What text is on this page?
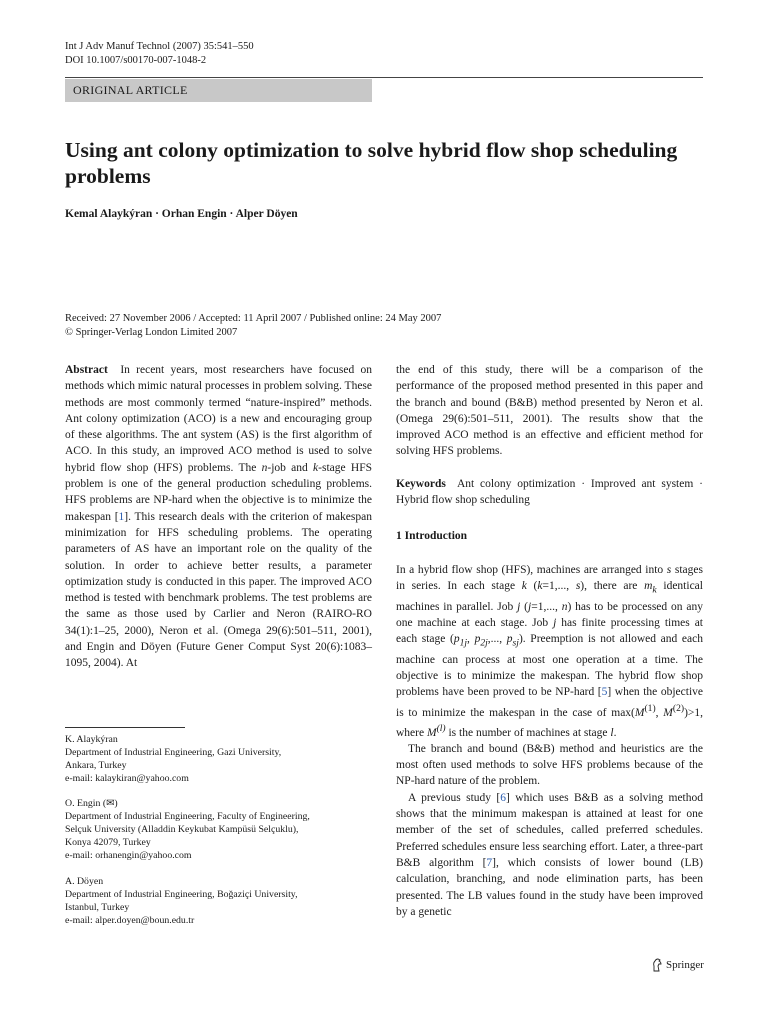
Int J Adv Manuf Technol (2007) 35:541–550
DOI 10.1007/s00170-007-1048-2
ORIGINAL ARTICLE
Using ant colony optimization to solve hybrid flow shop scheduling problems
Kemal Alaykýran · Orhan Engin · Alper Döyen
Received: 27 November 2006 / Accepted: 11 April 2007 / Published online: 24 May 2007
© Springer-Verlag London Limited 2007

Abstract In recent years, most researchers have focused on methods which mimic natural processes in problem solving. These methods are most commonly termed “nature-inspired” methods. Ant colony optimization (ACO) is a new and encouraging group of these algorithms. The ant system (AS) is the first algorithm of ACO. In this study, an improved ACO method is used to solve hybrid flow shop (HFS) problems. The n-job and k-stage HFS problem is one of the general production scheduling problems. HFS problems are NP-hard when the objective is to minimize the makespan [1]. This research deals with the criterion of makespan minimization for HFS scheduling problems. The operating parameters of AS have an important role on the quality of the solution. In order to achieve better results, a parameter optimization study is conducted in this paper. The improved ACO method is tested with benchmark problems. The test problems are the same as those used by Carlier and Neron (RAIRO-RO 34(1):1–25, 2000), Neron et al. (Omega 29(6):501–511, 2001), and Engin and Döyen (Future Gener Comput Syst 20(6):1083–1095, 2004). At

K. Alaykýran
Department of Industrial Engineering, Gazi University,
Ankara, Turkey
e-mail: kalaykiran@yahoo.com
O. Engin (✉)
Department of Industrial Engineering, Faculty of Engineering,
Selçuk University (Alladdin Keykubat Kampüsü Selçuklu),
Konya 42079, Turkey
e-mail: orhanengin@yahoo.com
A. Döyen
Department of Industrial Engineering, Boğaziçi University,
Istanbul, Turkey
e-mail: alper.doyen@boun.edu.tr

the end of this study, there will be a comparison of the performance of the proposed method presented in this paper and the branch and bound (B&B) method presented by Neron et al. (Omega 29(6):501–511, 2001). The results show that the improved ACO method is an effective and efficient method for solving HFS problems.

Keywords Ant colony optimization · Improved ant system · Hybrid flow shop scheduling

1 Introduction

In a hybrid flow shop (HFS), machines are arranged into s stages in series. In each stage k (k=1,..., s), there are $m_k$ identical machines in parallel. Job j (j=1,..., n) has to be processed on any one machine at each stage. Job j has finite processing times at each stage ($p_{1j}$, $p_{2j}$,..., $p_{sj}$). Preemption is not allowed and each machine can process at most one operation at a time. The objective is to minimize the makespan. The hybrid flow shop problems have been proved to be NP-hard [5] when the objective is to minimize the makespan in the case of $\max(M^{(1)}$, $M^{(2)})>1$, where $M^{(l)}$ is the number of machines at stage l.

The branch and bound (B&B) method and heuristics are the most often used methods to solve HFS problems because of the NP-hard nature of the problem.

A previous study [6] which uses B&B as a solving method shows that the minimum makespan is attained at least for one member of the set of schedules, called preferred schedules. Preferred schedules ensure less searching effort. Later, a three-part B&B algorithm [7], which consists of lower bound (LB) calculation, branching, and node elimination parts, has been presented. The LB values found in the study have been improved by a genetic

Springer
